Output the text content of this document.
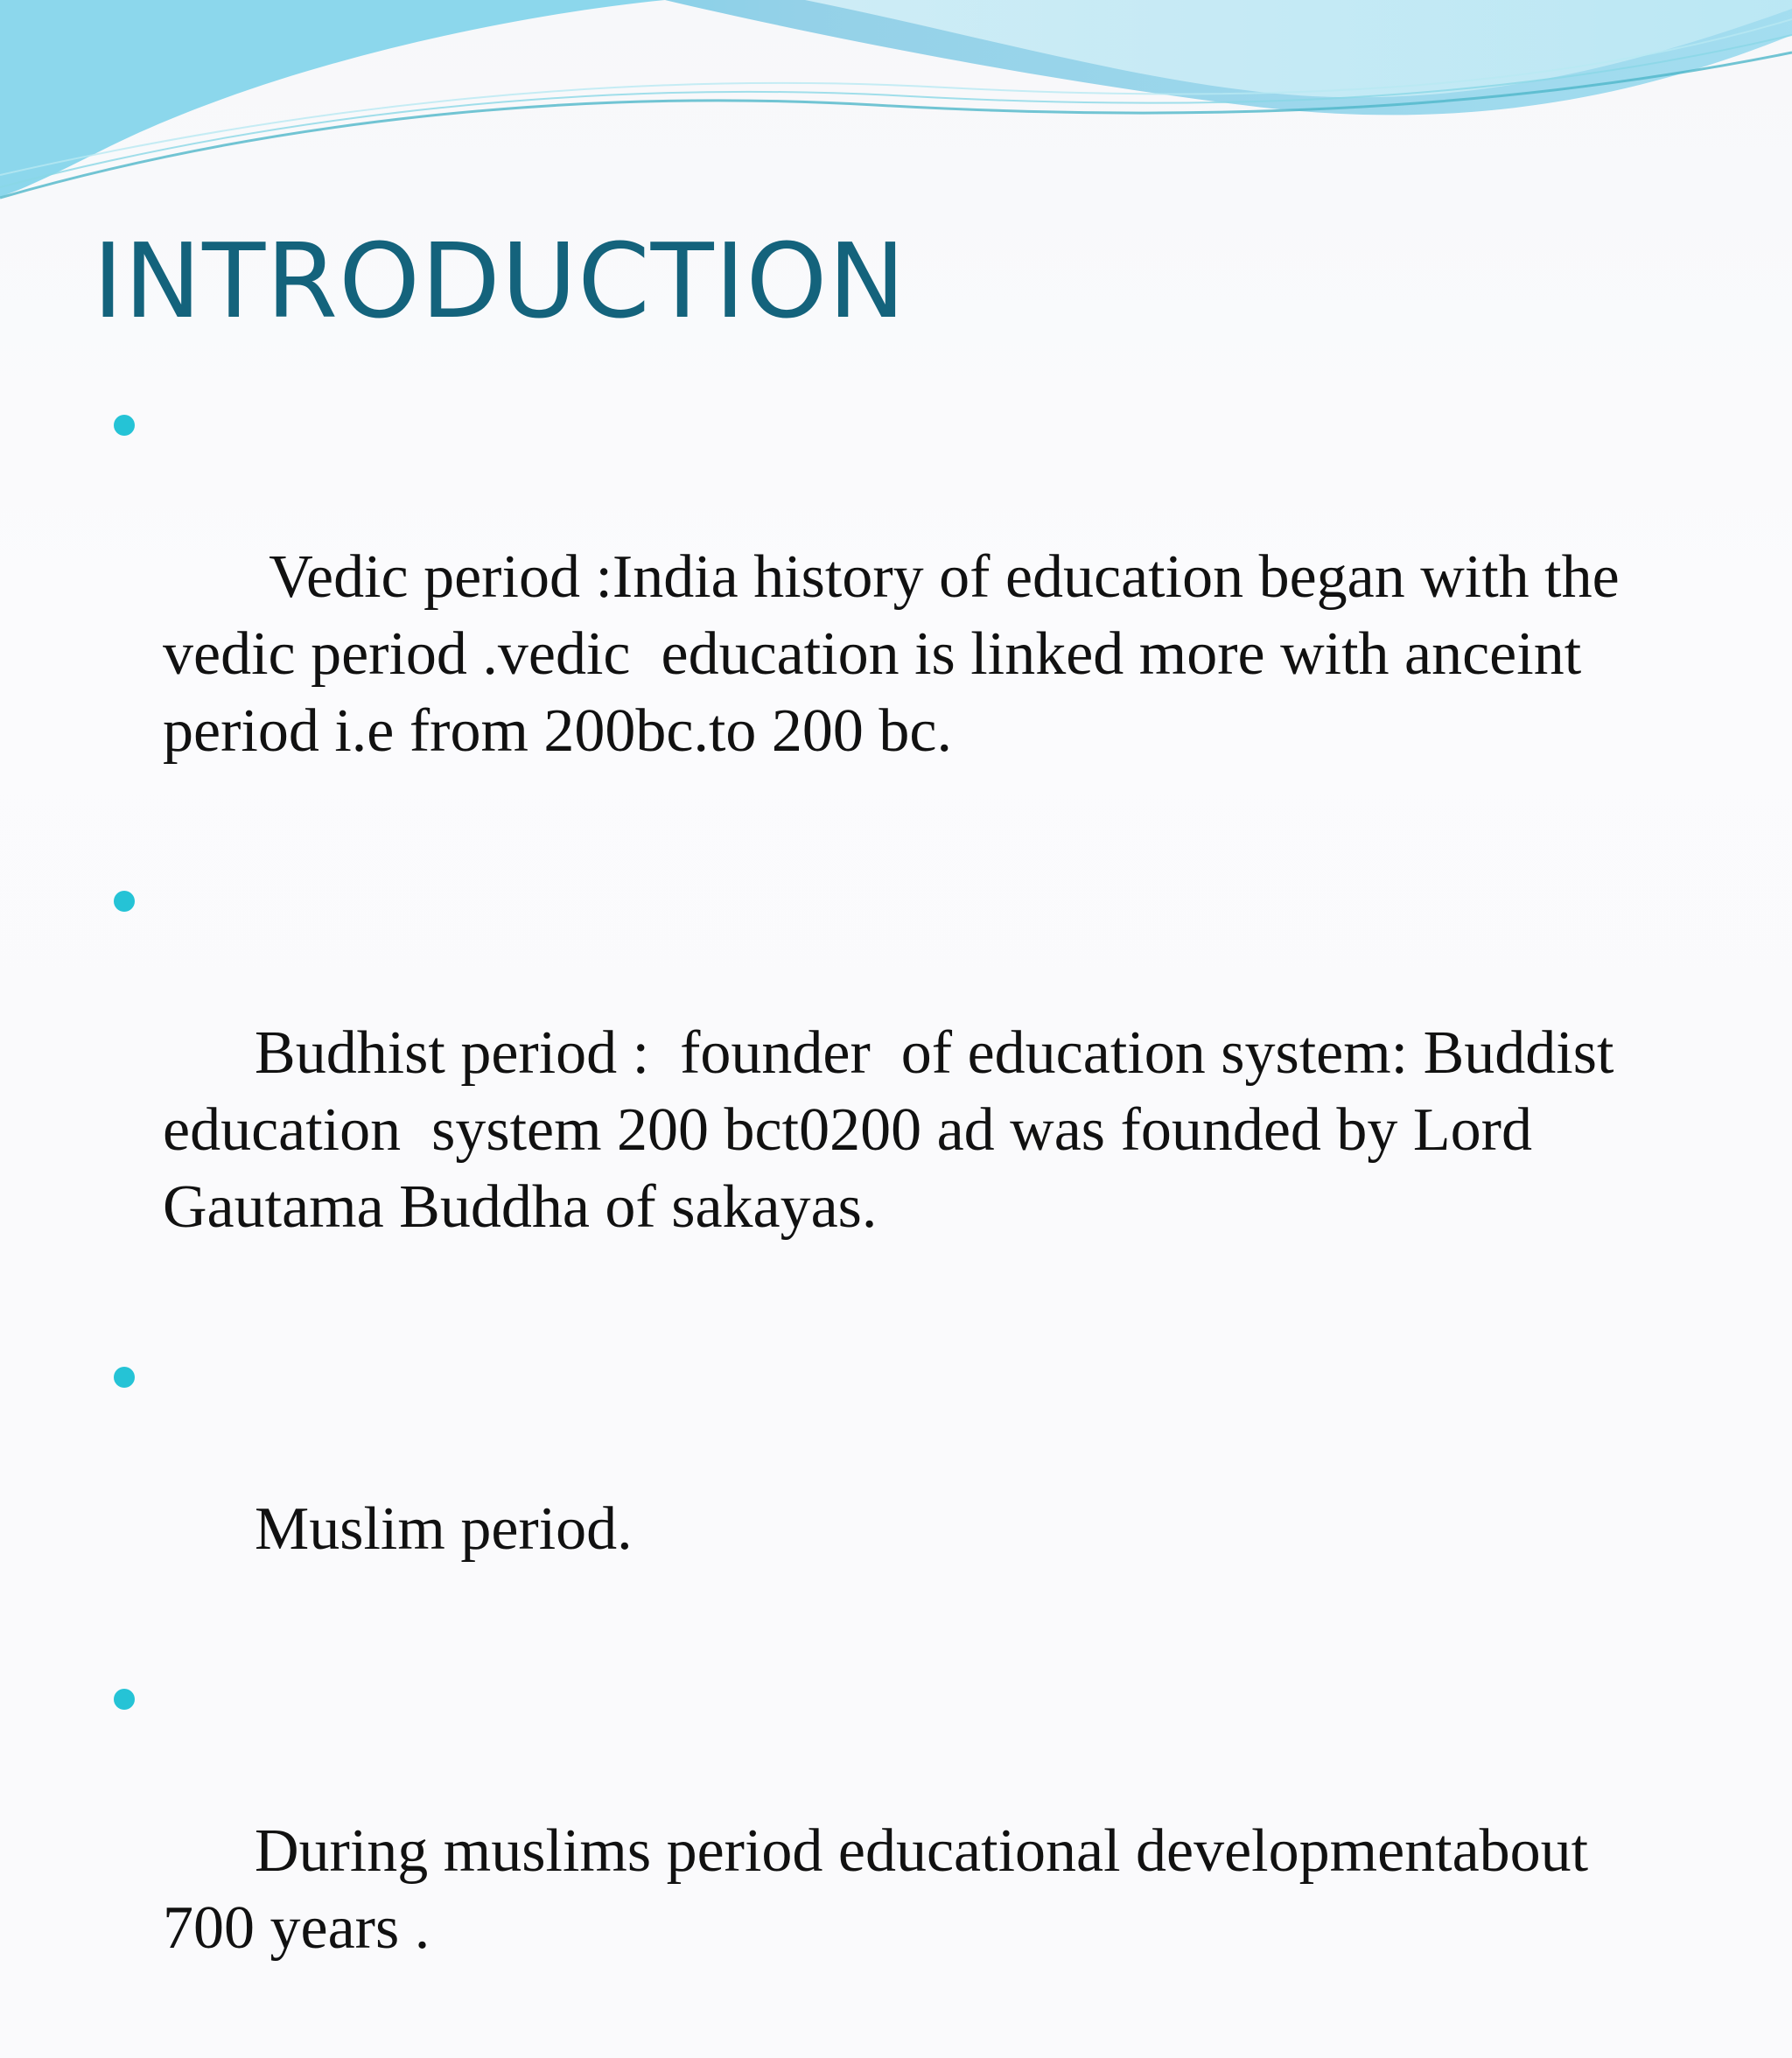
INTRODUCTION

Vedic period :India history of education began with the vedic period .vedic  education is linked more with anceint period i.e from 200bc.to 200 bc.

Budhist period :  founder  of education system: Buddist education  system 200 bct0200 ad was founded by Lord Gautama Buddha of sakayas.

Muslim period.

During muslims period educational developmentabout 700 years .
